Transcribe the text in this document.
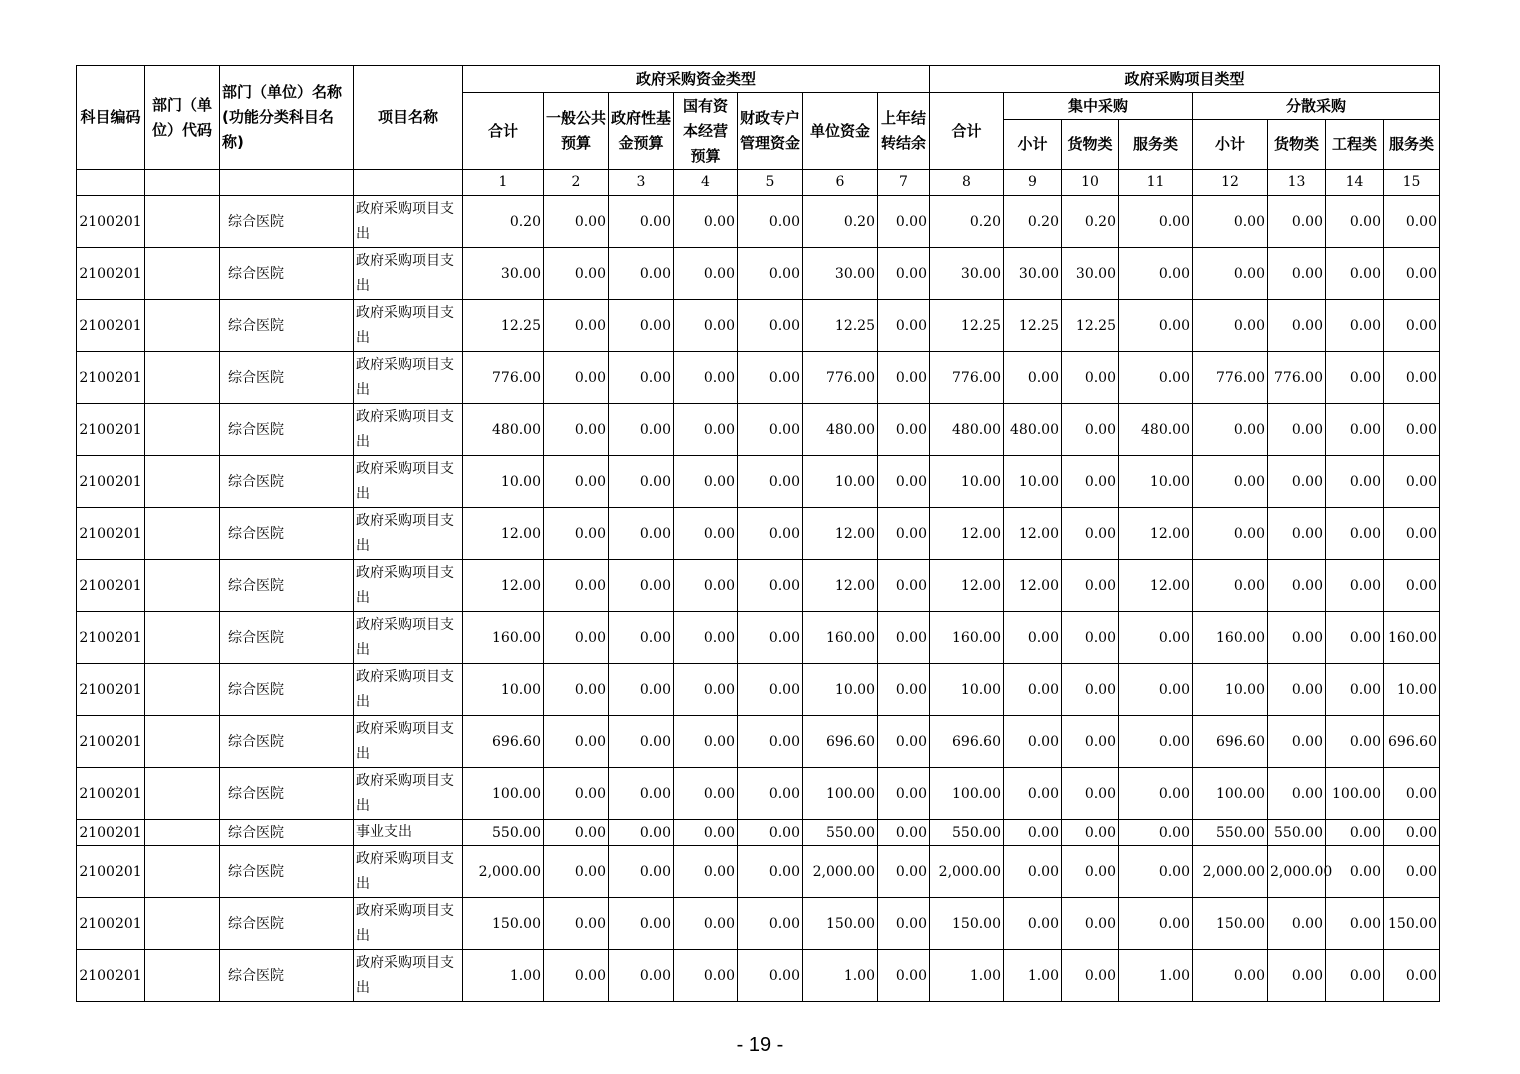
科目编码	部门（单位）代码	部门（单位）名称(功能分类科目名称)	项目名称	政府采购资金类型							政府采购项目类型							
				合计	一般公共预算	政府性基金预算	国有资本经营预算	财政专户管理资金	单位资金	上年结转结余	合计	集中采购			分散采购			
												小计	货物类	服务类	小计	货物类	工程类	服务类
				1	2	3	4	5	6	7	8	9	10	11	12	13	14	15
2100201		综合医院	政府采购项目支出	0.20	0.00	0.00	0.00	0.00	0.20	0.00	0.20	0.20	0.20	0.00	0.00	0.00	0.00	0.00
2100201		综合医院	政府采购项目支出	30.00	0.00	0.00	0.00	0.00	30.00	0.00	30.00	30.00	30.00	0.00	0.00	0.00	0.00	0.00
2100201		综合医院	政府采购项目支出	12.25	0.00	0.00	0.00	0.00	12.25	0.00	12.25	12.25	12.25	0.00	0.00	0.00	0.00	0.00
2100201		综合医院	政府采购项目支出	776.00	0.00	0.00	0.00	0.00	776.00	0.00	776.00	0.00	0.00	0.00	776.00	776.00	0.00	0.00
2100201		综合医院	政府采购项目支出	480.00	0.00	0.00	0.00	0.00	480.00	0.00	480.00	480.00	0.00	480.00	0.00	0.00	0.00	0.00
2100201		综合医院	政府采购项目支出	10.00	0.00	0.00	0.00	0.00	10.00	0.00	10.00	10.00	0.00	10.00	0.00	0.00	0.00	0.00
2100201		综合医院	政府采购项目支出	12.00	0.00	0.00	0.00	0.00	12.00	0.00	12.00	12.00	0.00	12.00	0.00	0.00	0.00	0.00
2100201		综合医院	政府采购项目支出	12.00	0.00	0.00	0.00	0.00	12.00	0.00	12.00	12.00	0.00	12.00	0.00	0.00	0.00	0.00
2100201		综合医院	政府采购项目支出	160.00	0.00	0.00	0.00	0.00	160.00	0.00	160.00	0.00	0.00	0.00	160.00	0.00	0.00	160.00
2100201		综合医院	政府采购项目支出	10.00	0.00	0.00	0.00	0.00	10.00	0.00	10.00	0.00	0.00	0.00	10.00	0.00	0.00	10.00
2100201		综合医院	政府采购项目支出	696.60	0.00	0.00	0.00	0.00	696.60	0.00	696.60	0.00	0.00	0.00	696.60	0.00	0.00	696.60
2100201		综合医院	政府采购项目支出	100.00	0.00	0.00	0.00	0.00	100.00	0.00	100.00	0.00	0.00	0.00	100.00	0.00	100.00	0.00
2100201		综合医院	事业支出	550.00	0.00	0.00	0.00	0.00	550.00	0.00	550.00	0.00	0.00	0.00	550.00	550.00	0.00	0.00
2100201		综合医院	政府采购项目支出	2,000.00	0.00	0.00	0.00	0.00	2,000.00	0.00	2,000.00	0.00	0.00	0.00	2,000.00	2,000.00	0.00	0.00
2100201		综合医院	政府采购项目支出	150.00	0.00	0.00	0.00	0.00	150.00	0.00	150.00	0.00	0.00	0.00	150.00	0.00	0.00	150.00
2100201		综合医院	政府采购项目支出	1.00	0.00	0.00	0.00	0.00	1.00	0.00	1.00	1.00	0.00	1.00	0.00	0.00	0.00	0.00
- 19 -
